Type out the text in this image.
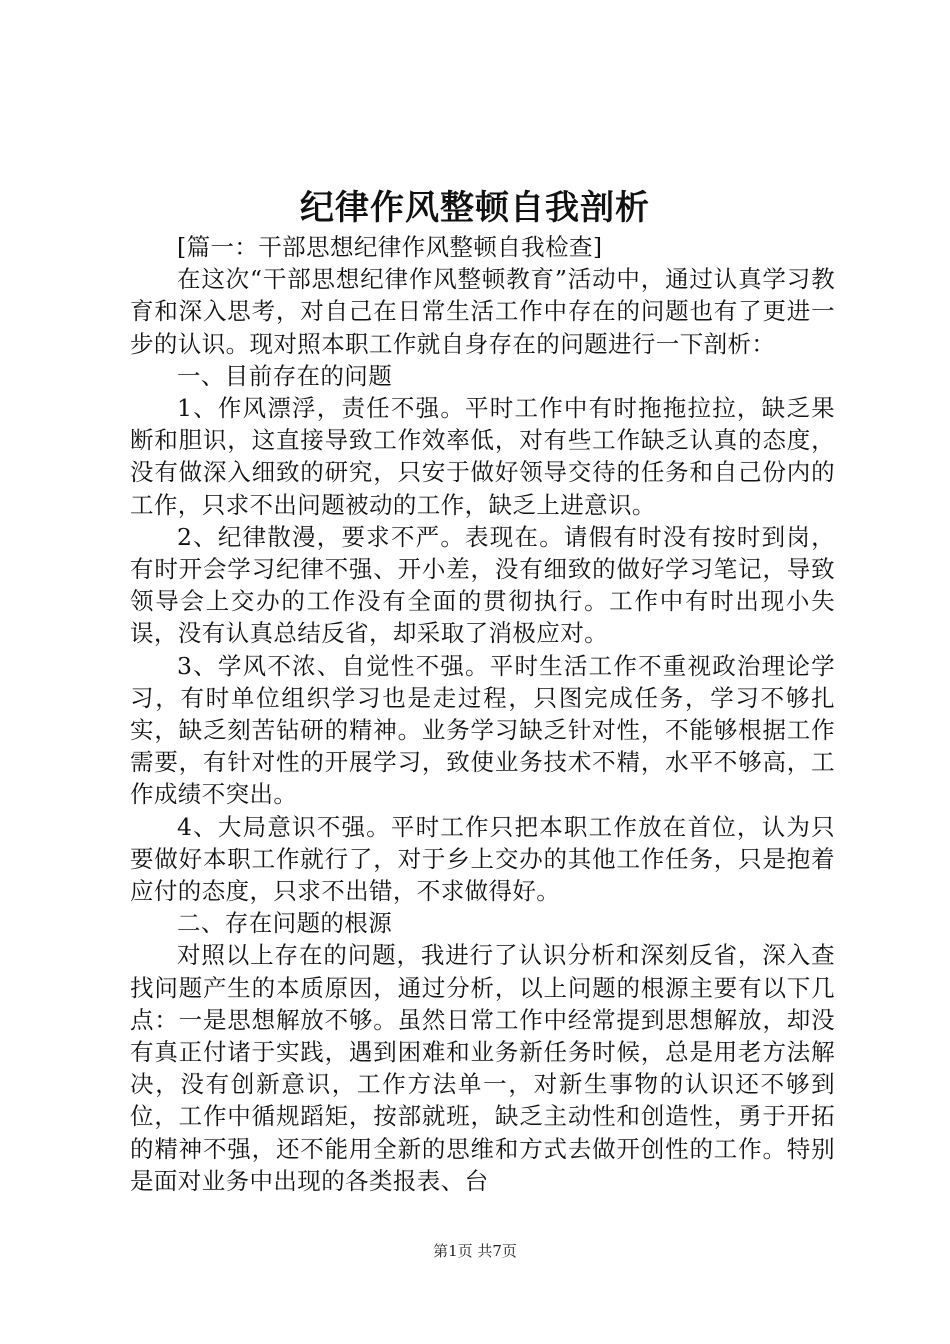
纪律作风整顿自我剖析

[篇一：干部思想纪律作风整顿自我检查]

在这次“干部思想纪律作风整顿教育”活动中，通过认真学习教育和深入思考，对自己在日常生活工作中存在的问题也有了更进一步的认识。现对照本职工作就自身存在的问题进行一下剖析：

一、目前存在的问题

1、作风漂浮，责任不强。平时工作中有时拖拖拉拉，缺乏果断和胆识，这直接导致工作效率低，对有些工作缺乏认真的态度，没有做深入细致的研究，只安于做好领导交待的任务和自己份内的工作，只求不出问题被动的工作，缺乏上进意识。

2、纪律散漫，要求不严。表现在。请假有时没有按时到岗，有时开会学习纪律不强、开小差，没有细致的做好学习笔记，导致领导会上交办的工作没有全面的贯彻执行。工作中有时出现小失误，没有认真总结反省，却采取了消极应对。

3、学风不浓、自觉性不强。平时生活工作不重视政治理论学习，有时单位组织学习也是走过程，只图完成任务，学习不够扎实，缺乏刻苦钻研的精神。业务学习缺乏针对性，不能够根据工作需要，有针对性的开展学习，致使业务技术不精，水平不够高，工作成绩不突出。

4、大局意识不强。平时工作只把本职工作放在首位，认为只要做好本职工作就行了，对于乡上交办的其他工作任务，只是抱着应付的态度，只求不出错，不求做得好。

二、存在问题的根源

对照以上存在的问题，我进行了认识分析和深刻反省，深入查找问题产生的本质原因，通过分析，以上问题的根源主要有以下几点：一是思想解放不够。虽然日常工作中经常提到思想解放，却没有真正付诸于实践，遇到困难和业务新任务时候，总是用老方法解决，没有创新意识，工作方法单一，对新生事物的认识还不够到位，工作中循规蹈矩，按部就班，缺乏主动性和创造性，勇于开拓的精神不强，还不能用全新的思维和方式去做开创性的工作。特别是面对业务中出现的各类报表、台

第1页 共7页
